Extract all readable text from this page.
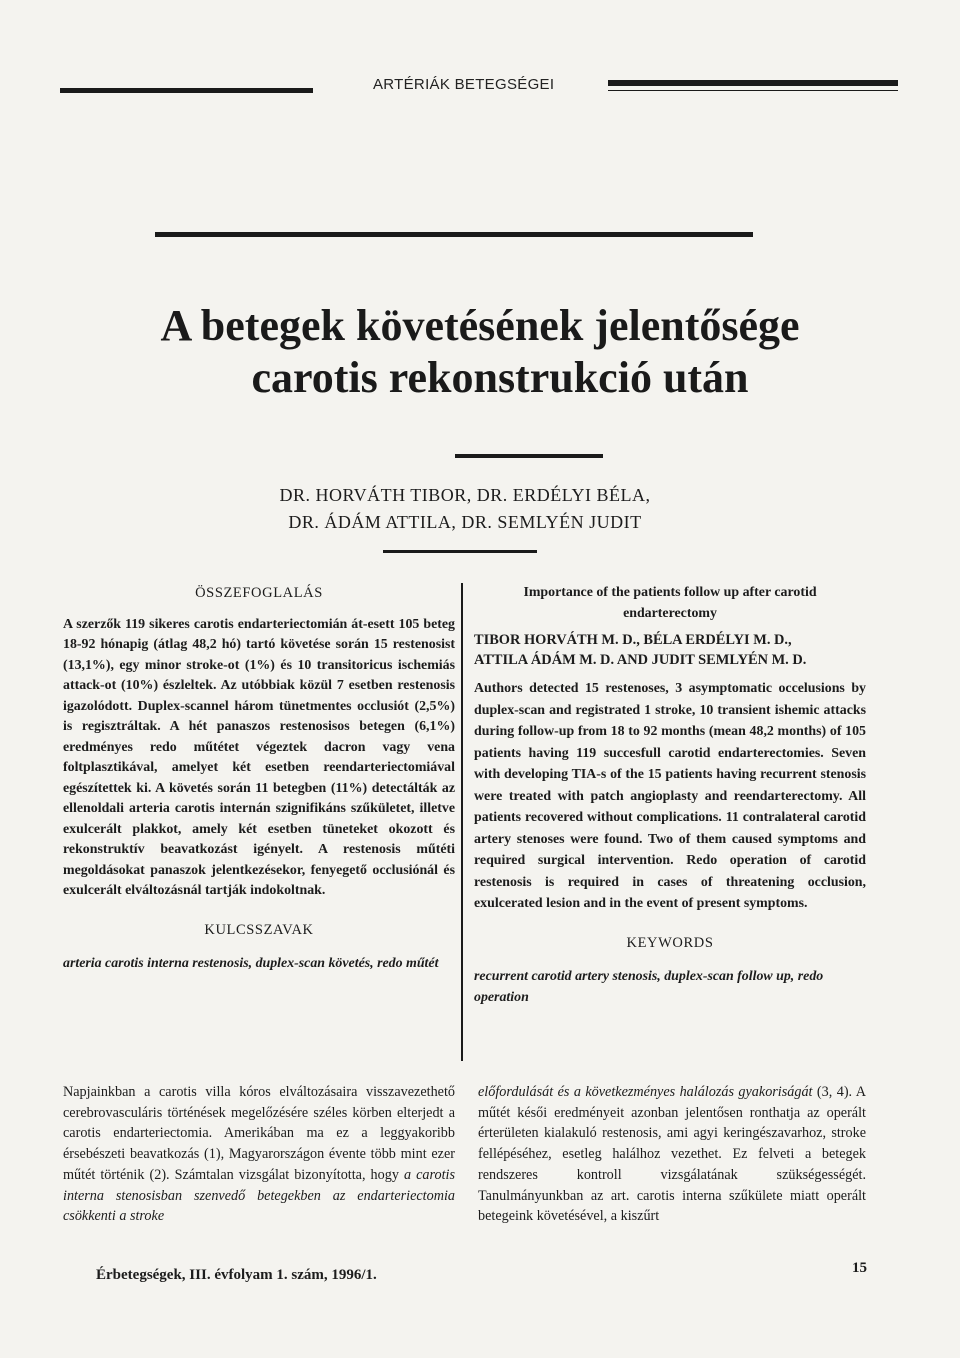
ARTÉRIÁK BETEGSÉGEI
A betegek követésének jelentősége
carotis rekonstrukció után
DR. HORVÁTH TIBOR, DR. ERDÉLYI BÉLA,
DR. ÁDÁM ATTILA, DR. SEMLYÉN JUDIT
ÖSSZEFOGLALÁS

A szerzők 119 sikeres carotis endarteriectomián át-esett 105 beteg 18-92 hónapig (átlag 48,2 hó) tartó követése során 15 restenosist (13,1%), egy minor stroke-ot (1%) és 10 transitoricus ischemiás attack-ot (10%) észleltek. Az utóbbiak közül 7 esetben restenosis igazolódott. Duplex-scannel három tünetmentes occlusiót (2,5%) is regisztráltak. A hét panaszos restenosisos betegen (6,1%) eredményes redo műtétet végeztek dacron vagy vena foltplasztikával, amelyet két esetben reendarteriectomiával egészítettek ki. A követés során 11 betegben (11%) detectálták az ellenoldali arteria carotis internán szignifikáns szűkületet, illetve exulcerált plakkot, amely két esetben tüneteket okozott és rekonstruktív beavatkozást igényelt. A restenosis műtéti megoldásokat panaszok jelentkezésekor, fenyegető occlusiónál és exulcerált elváltozásnál tartják indokoltnak.

KULCSSZAVAK

arteria carotis interna restenosis, duplex-scan követés, redo műtét

Importance of the patients follow up after carotid endarterectomy

TIBOR HORVÁTH M. D., BÉLA ERDÉLYI M. D.,
ATTILA ÁDÁM M. D. AND JUDIT SEMLYÉN M. D.

Authors detected 15 restenoses, 3 asymptomatic occelusions by duplex-scan and registrated 1 stroke, 10 transient ishemic attacks during follow-up from 18 to 92 months (mean 48,2 months) of 105 patients having 119 succesfull carotid endarterectomies. Seven with developing TIA-s of the 15 patients having recurrent stenosis were treated with patch angioplasty and reendarterectomy. All patients recovered without complications. 11 contralateral carotid artery stenoses were found. Two of them caused symptoms and required surgical intervention. Redo operation of carotid restenosis is required in cases of threatening occlusion, exulcerated lesion and in the event of present symptoms.

KEYWORDS

recurrent carotid artery stenosis, duplex-scan follow up, redo operation

Napjainkban a carotis villa kóros elváltozásaira visszavezethető cerebrovasculáris történések megelőzésére széles körben elterjedt a carotis endarteriectomia. Amerikában ma ez a leggyakoribb érsebészeti beavatkozás (1), Magyarországon évente több mint ezer műtét történik (2). Számtalan vizsgálat bizonyította, hogy a carotis interna stenosisban szenvedő betegekben az endarteriectomia csökkenti a stroke
előfordulását és a következményes halálozás gyakoriságát (3, 4). A műtét késői eredményeit azonban jelentősen ronthatja az operált érterületen kialakuló restenosis, ami agyi keringészavarhoz, stroke fellépéséhez, esetleg halálhoz vezethet. Ez felveti a betegek rendszeres kontroll vizsgálatának szükségességét. Tanulmányunkban az art. carotis interna szűkülete miatt operált betegeink követésével, a kiszűrt
Érbetegségek, III. évfolyam 1. szám, 1996/1.	15
